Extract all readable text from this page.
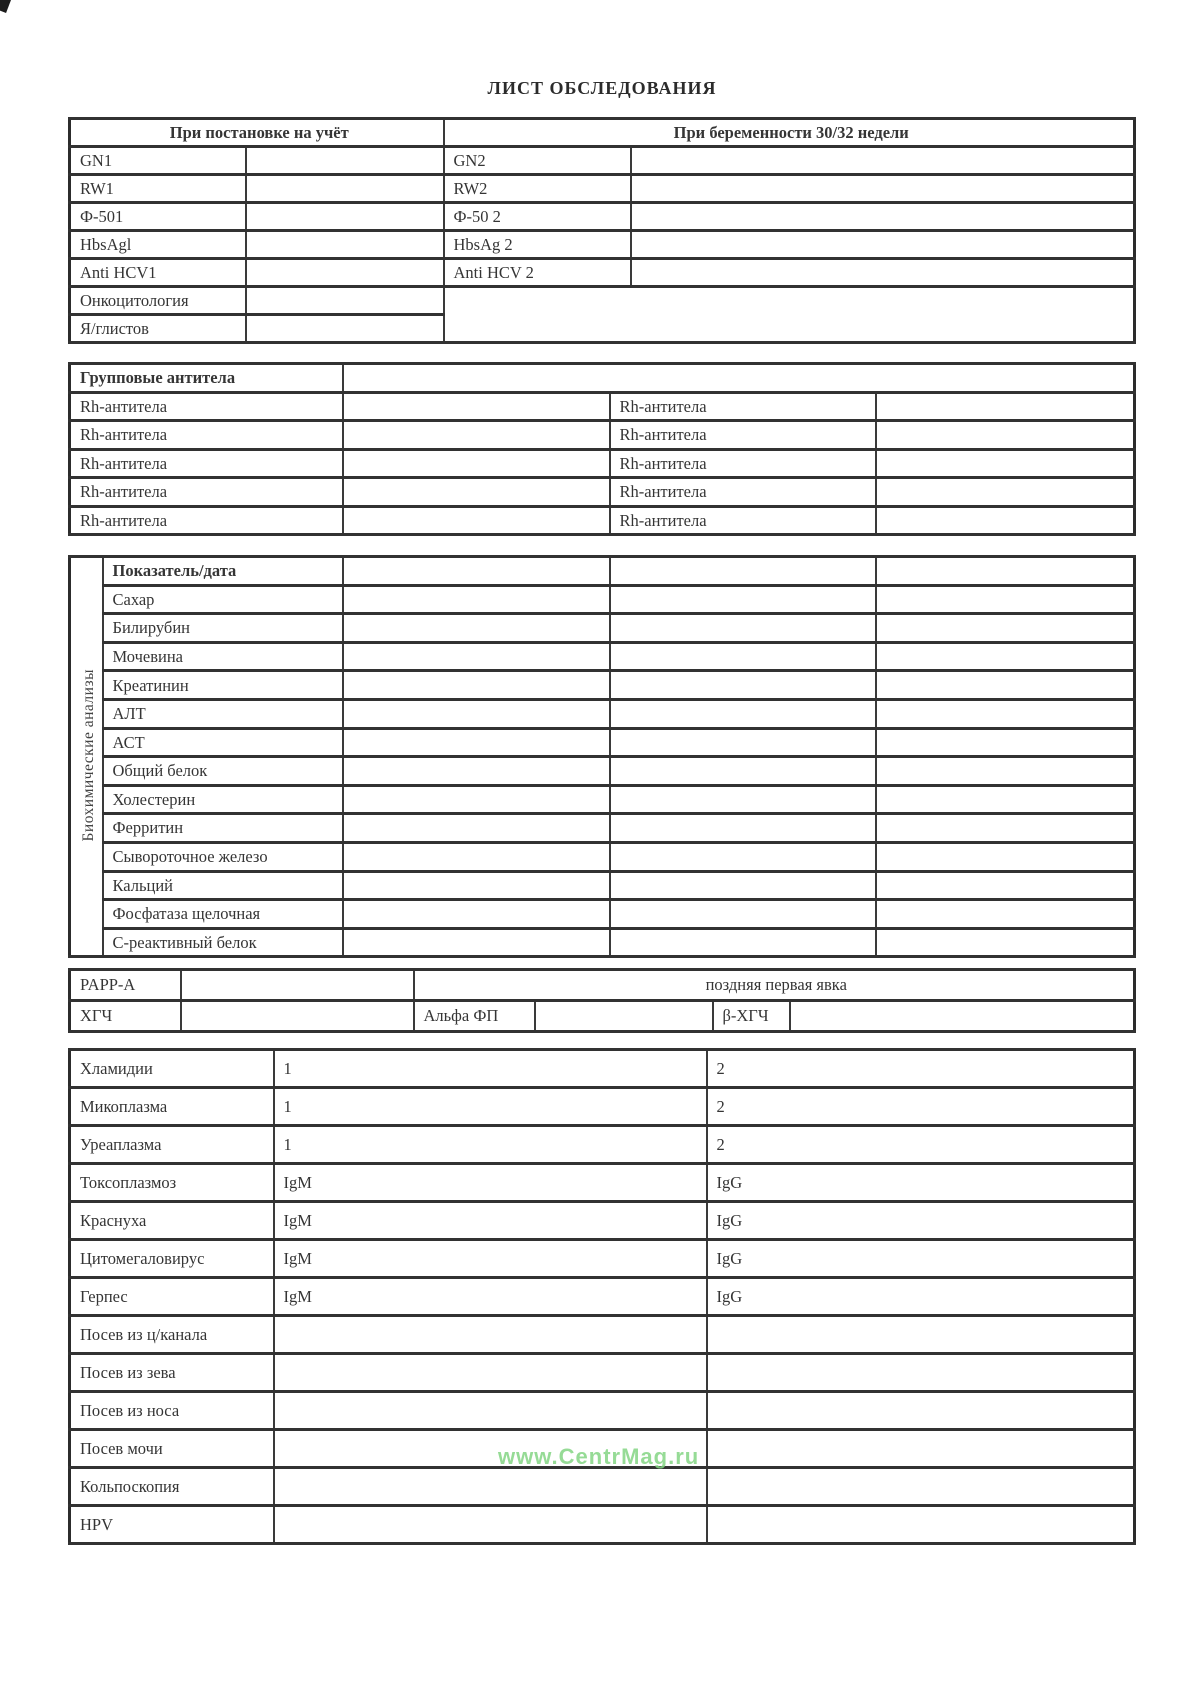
ЛИСТ ОБСЛЕДОВАНИЯ
При постановке на учёт		При беременности 30/32 недели	
GN1		GN2	
RW1		RW2	
Ф-501		Ф-50 2	
HbsAgl		HbsAg 2	
Anti HCV1		Anti HCV 2	
Онкоцитология			
Я/глистов			
Групповые антитела			
Rh-антитела		Rh-антитела	
Rh-антитела		Rh-антитела	
Rh-антитела		Rh-антитела	
Rh-антитела		Rh-антитела	
Rh-антитела		Rh-антитела	
Биохимические анализы	Показатель/дата			
	Сахар			
	Билирубин			
	Мочевина			
	Креатинин			
	АЛТ			
	АСТ			
	Общий белок			
	Холестерин			
	Ферритин			
	Сывороточное железо			
	Кальций			
	Фосфатаза щелочная			
	С-реактивный белок			
PAPP-A		поздняя первая явка			
ХГЧ		Альфа ФП		β-ХГЧ	
Хламидии	1	2
Микоплазма	1	2
Уреаплазма	1	2
Токсоплазмоз	IgM	IgG
Краснуха	IgM	IgG
Цитомегаловирус	IgM	IgG
Герпес	IgM	IgG
Посев из ц/канала		
Посев из зева		
Посев из носа		
Посев мочи		
Кольпоскопия		
HPV		
www.CentrMag.ru
